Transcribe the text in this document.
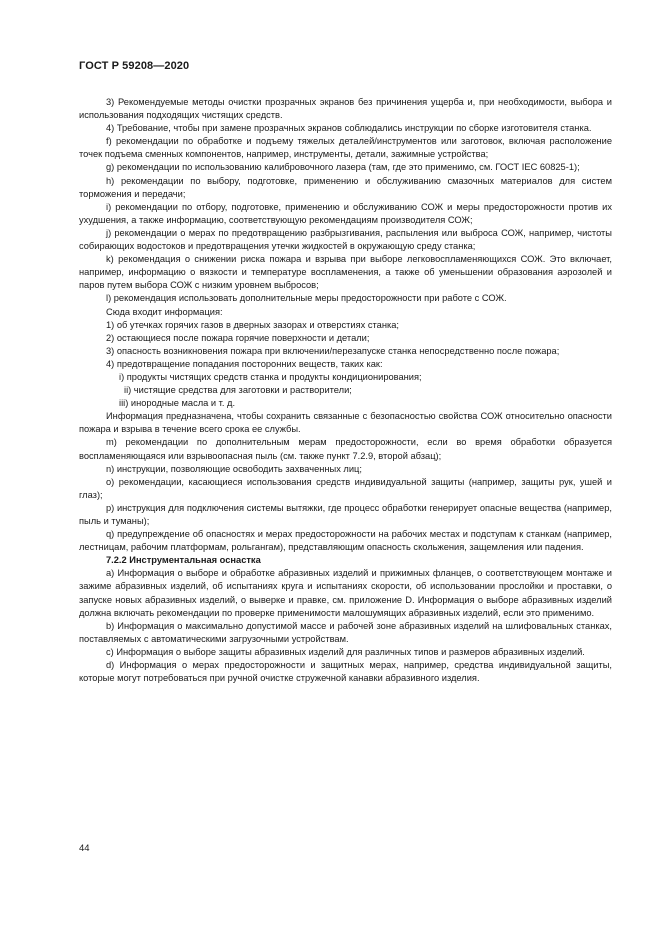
ГОСТ Р 59208—2020

3) Рекомендуемые методы очистки прозрачных экранов без причинения ущерба и, при необходимости, выбора и использования подходящих чистящих средств.

4) Требование, чтобы при замене прозрачных экранов соблюдались инструкции по сборке изготовителя станка.

f) рекомендации по обработке и подъему тяжелых деталей/инструментов или заготовок, включая расположение точек подъема сменных компонентов, например, инструменты, детали, зажимные устройства;

g) рекомендации по использованию калибровочного лазера (там, где это применимо, см. ГОСТ IEC 60825-1);

h) рекомендации по выбору, подготовке, применению и обслуживанию смазочных материалов для систем торможения и передачи;

i) рекомендации по отбору, подготовке, применению и обслуживанию СОЖ и меры предосторожности против их ухудшения, а также информацию, соответствующую рекомендациям производителя СОЖ;

j) рекомендации о мерах по предотвращению разбрызгивания, распыления или выброса СОЖ, например, чистоты собирающих водостоков и предотвращения утечки жидкостей в окружающую среду станка;

k) рекомендация о снижении риска пожара и взрыва при выборе легковоспламеняющихся СОЖ. Это включает, например, информацию о вязкости и температуре воспламенения, а также об уменьшении образования аэрозолей и паров путем выбора СОЖ с низким уровнем выбросов;

l) рекомендация использовать дополнительные меры предосторожности при работе с СОЖ.

Сюда входит информация:

1) об утечках горячих газов в дверных зазорах и отверстиях станка;

2) остающиеся после пожара горячие поверхности и детали;

3) опасность возникновения пожара при включении/перезапуске станка непосредственно после пожара;

4) предотвращение попадания посторонних веществ, таких как:

i) продукты чистящих средств станка и продукты кондиционирования;

ii) чистящие средства для заготовки и растворители;

iii) инородные масла и т. д.

Информация предназначена, чтобы сохранить связанные с безопасностью свойства СОЖ относительно опасности пожара и взрыва в течение всего срока ее службы.

m) рекомендации по дополнительным мерам предосторожности, если во время обработки образуется воспламеняющаяся или взрывоопасная пыль (см. также пункт 7.2.9, второй абзац);

n) инструкции, позволяющие освободить захваченных лиц;

o) рекомендации, касающиеся использования средств индивидуальной защиты (например, защиты рук, ушей и глаз);

p) инструкция для подключения системы вытяжки, где процесс обработки генерирует опасные вещества (например, пыль и туманы);

q) предупреждение об опасностях и мерах предосторожности на рабочих местах и подступам к станкам (например, лестницам, рабочим платформам, рольгангам), представляющим опасность скольжения, защемления или падения.

7.2.2 Инструментальная оснастка

a) Информация о выборе и обработке абразивных изделий и прижимных фланцев, о соответствующем монтаже и зажиме абразивных изделий, об испытаниях круга и испытаниях скорости, об использовании прослойки и проставки, о запуске новых абразивных изделий, о выверке и правке, см. приложение D. Информация о выборе абразивных изделий должна включать рекомендации по проверке применимости малошумящих абразивных изделий, если это применимо.

b) Информация о максимально допустимой массе и рабочей зоне абразивных изделий на шлифовальных станках, поставляемых с автоматическими загрузочными устройствам.

c) Информация о выборе защиты абразивных изделий для различных типов и размеров абразивных изделий.

d) Информация о мерах предосторожности и защитных мерах, например, средства индивидуальной защиты, которые могут потребоваться при ручной очистке стружечной канавки абразивного изделия.

44
